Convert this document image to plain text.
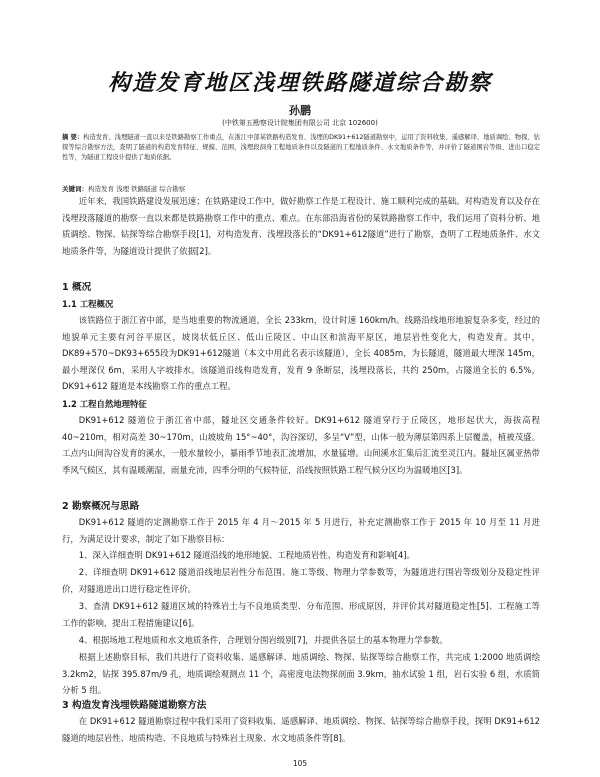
构造发育地区浅埋铁路隧道综合勘察
孙鹏
(中铁第五勘察设计院集团有限公司 北京 102600)
摘 要：构造发育、浅埋隧道一直以来是铁路勘察工作重点，在浙江中部某铁路构造发育、浅埋的DK91+612隧道勘察中，运用了资料收集、遥感解译、地质调绘、物探、钻探等综合勘察方法，查明了隧道的构造发育特征、规模、范围，浅埋段洞身工程地质条件以及隧道的工程地质条件、水文地质条件等，并评价了隧道围岩等级、进出口稳定性等，为隧道工程设计提供了地质依据。
关键词：构造发育 浅埋 铁路隧道 综合勘察
近年来，我国铁路建设发展迅速；在铁路建设工作中，做好勘察工作是工程设计、施工顺利完成的基础。对构造发育以及存在浅埋段落隧道的勘察一直以来都是铁路勘察工作中的重点、难点。在东部沿海省份的某铁路勘察工作中，我们运用了资料分析、地质调绘、物探、钻探等综合勘察手段[1]，对构造发育、浅埋段落长的“DK91+612隧道”进行了勘察，查明了工程地质条件、水文地质条件等，为隧道设计提供了依据[2]。
1 概况
1.1 工程概况
该铁路位于浙江省中部，是当地重要的物流通道，全长 233km，设计时速 160km/h。线路沿线地形地貌复杂多变，经过的地貌单元主要有河谷平原区，坡岗状低丘区、低山丘陵区、中山区和滨海平原区，地层岩性变化大，构造发育。其中，DK89+570~DK93+655段为DK91+612隧道（本文中用此名表示该隧道），全长 4085m，为长隧道，隧道最大埋深 145m，最小埋深仅 6m，采用人字坡排水。该隧道沿线构造发育，发育 9 条断层，浅埋段落长，共约 250m，占隧道全长的 6.5%，DK91+612 隧道是本线勘察工作的重点工程。
1.2 工程自然地理特征
DK91+612 隧道位于浙江省中部，隧址区交通条件较好。DK91+612 隧道穿行于丘陵区，地形起伏大，海拔高程 40~210m，相对高差 30~170m，山坡坡角 15°~40°，沟谷深切，多呈“V”型，山体一般为薄层第四系上层覆盖，植被茂盛。工点内山间沟谷发育的溪水，一般水量较小，暴雨季节地表汇流增加，水量猛增。山间溪水汇集后汇流至灵江内。隧址区属亚热带季风气候区，其有温暖潮湿，雨量充沛，四季分明的气候特征，沿线按照铁路工程气候分区均为温暖地区[3]。
2 勘察概况与思路
DK91+612 隧道的定测勘察工作于 2015 年 4 月～2015 年 5 月进行，补充定测勘察工作于 2015 年 10 月至 11 月进行，为满足设计要求，制定了如下勘察目标：
1、深入详细查明 DK91+612 隧道沿线的地形地貌、工程地质岩性、构造发育和影响[4]。
2、详细查明 DK91+612 隧道沿线地层岩性分布范围、施工等级、物理力学参数等，为隧道进行围岩等级划分及稳定性评价，对隧道进出口进行稳定性评价。
3、查清 DK91+612 隧道区域的特殊岩土与不良地质类型、分布范围、形成原因，并评价其对隧道稳定性[5]、工程施工等工作的影响，提出工程措施建议[6]。
4、根据场地工程地质和水文地质条件，合理划分围岩级别[7]，并提供各层土的基本物理力学参数。
根据上述勘察目标，我们共进行了资料收集、遥感解译、地质调绘、物探、钻探等综合勘察工作，共完成 1:2000 地质调绘 3.2km2，钻探 395.87m/9 孔，地质调绘观测点 11 个，高密度电法物探剖面 3.9km，抽水试验 1 组，岩石实验 6 组，水质简分析 5 组。
3 构造发育浅埋铁路隧道勘察方法
在 DK91+612 隧道勘察过程中我们采用了资料收集、遥感解译、地质调绘、物探、钻探等综合勘察手段，探明 DK91+612 隧道的地层岩性、地质构造、不良地质与特殊岩土现象、水文地质条件等[8]。
105
